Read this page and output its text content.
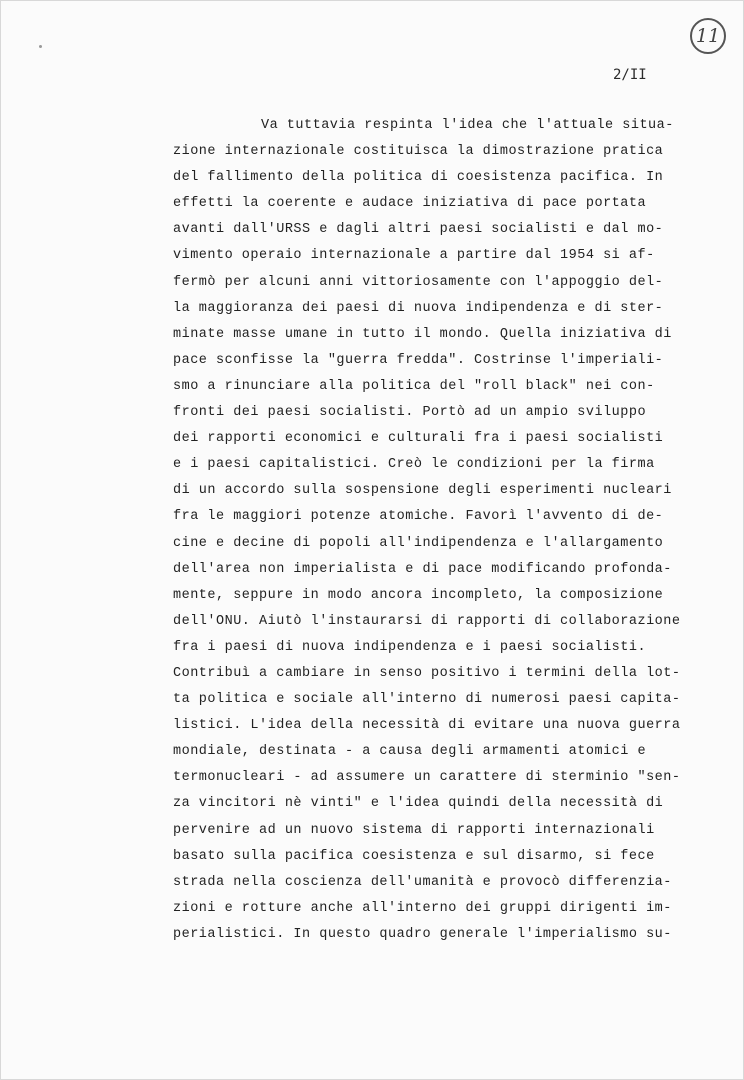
11
2/II
Va tuttavia respinta l'idea che l'attuale situa-
zione internazionale costituisca la dimostrazione pratica
del fallimento della politica di coesistenza pacifica. In
effetti la coerente e audace iniziativa di pace portata
avanti dall'URSS e dagli altri paesi socialisti e dal mo-
vimento operaio internazionale a partire dal 1954 si af-
fermò per alcuni anni vittoriosamente con l'appoggio del-
la maggioranza dei paesi di nuova indipendenza e di ster-
minate masse umane in tutto il mondo. Quella iniziativa di
pace sconfisse la "guerra fredda". Costrinse l'imperiali-
smo a rinunciare alla politica del "roll black" nei con-
fronti dei paesi socialisti. Portò ad un ampio sviluppo
dei rapporti economici e culturali fra i paesi socialisti
e i paesi capitalistici. Creò le condizioni per la firma
di un accordo sulla sospensione degli esperimenti nucleari
fra le maggiori potenze atomiche. Favorì l'avvento di de-
cine e decine di popoli all'indipendenza e l'allargamento
dell'area non imperialista e di pace modificando profonda-
mente, seppure in modo ancora incompleto, la composizione
dell'ONU. Aiutò l'instaurarsi di rapporti di collaborazione
fra i paesi di nuova indipendenza e i paesi socialisti.
Contribuì a cambiare in senso positivo i termini della lot-
ta politica e sociale all'interno di numerosi paesi capita-
listici. L'idea della necessità di evitare una nuova guerra
mondiale, destinata - a causa degli armamenti atomici e
termonucleari - ad assumere un carattere di sterminio "sen-
za vincitori nè vinti" e l'idea quindi della necessità di
pervenire ad un nuovo sistema di rapporti internazionali
basato sulla pacifica coesistenza e sul disarmo, si fece
strada nella coscienza dell'umanità e provocò differenzia-
zioni e rotture anche all'interno dei gruppi dirigenti im-
perialistici. In questo quadro generale l'imperialismo su-
